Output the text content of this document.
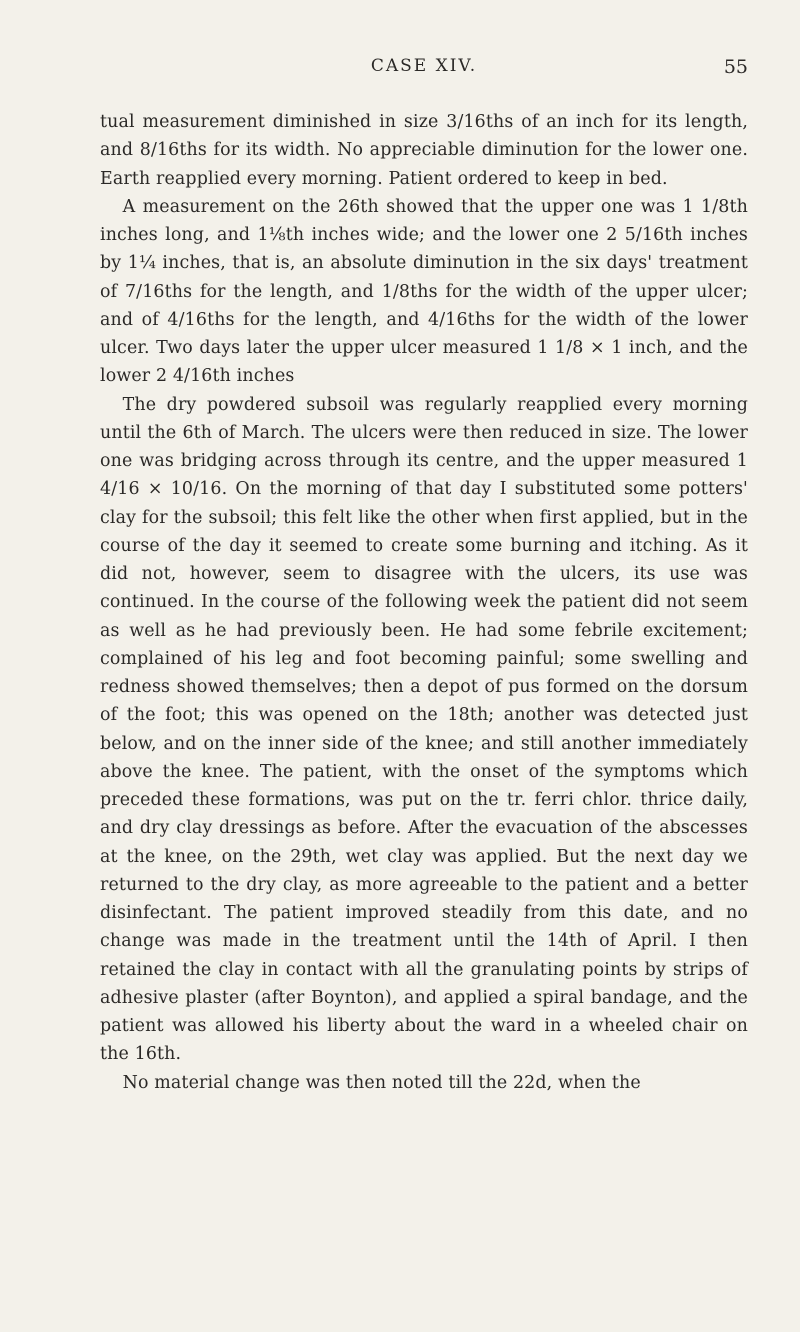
CASE XIV.	55

tual measurement diminished in size 3/16ths of an inch for its length, and 8/16ths for its width. No appreciable diminution for the lower one. Earth reapplied every morning. Patient ordered to keep in bed.

A measurement on the 26th showed that the upper one was 1 1/8th inches long, and 1⅛th inches wide; and the lower one 2 5/16th inches by 1¼ inches, that is, an absolute diminution in the six days' treatment of 7/16ths for the length, and 1/8ths for the width of the upper ulcer; and of 4/16ths for the length, and 4/16ths for the width of the lower ulcer. Two days later the upper ulcer measured 1 1/8 × 1 inch, and the lower 2 4/16th inches

The dry powdered subsoil was regularly reapplied every morning until the 6th of March. The ulcers were then reduced in size. The lower one was bridging across through its centre, and the upper measured 1 4/16 × 10/16. On the morning of that day I substituted some potters' clay for the subsoil; this felt like the other when first applied, but in the course of the day it seemed to create some burning and itching. As it did not, however, seem to disagree with the ulcers, its use was continued. In the course of the following week the patient did not seem as well as he had previously been. He had some febrile excitement; complained of his leg and foot becoming painful; some swelling and redness showed themselves; then a depot of pus formed on the dorsum of the foot; this was opened on the 18th; another was detected just below, and on the inner side of the knee; and still another immediately above the knee. The patient, with the onset of the symptoms which preceded these formations, was put on the tr. ferri chlor. thrice daily, and dry clay dressings as before. After the evacuation of the abscesses at the knee, on the 29th, wet clay was applied. But the next day we returned to the dry clay, as more agreeable to the patient and a better disinfectant. The patient improved steadily from this date, and no change was made in the treatment until the 14th of April. I then retained the clay in contact with all the granulating points by strips of adhesive plaster (after Boynton), and applied a spiral bandage, and the patient was allowed his liberty about the ward in a wheeled chair on the 16th.

No material change was then noted till the 22d, when the
